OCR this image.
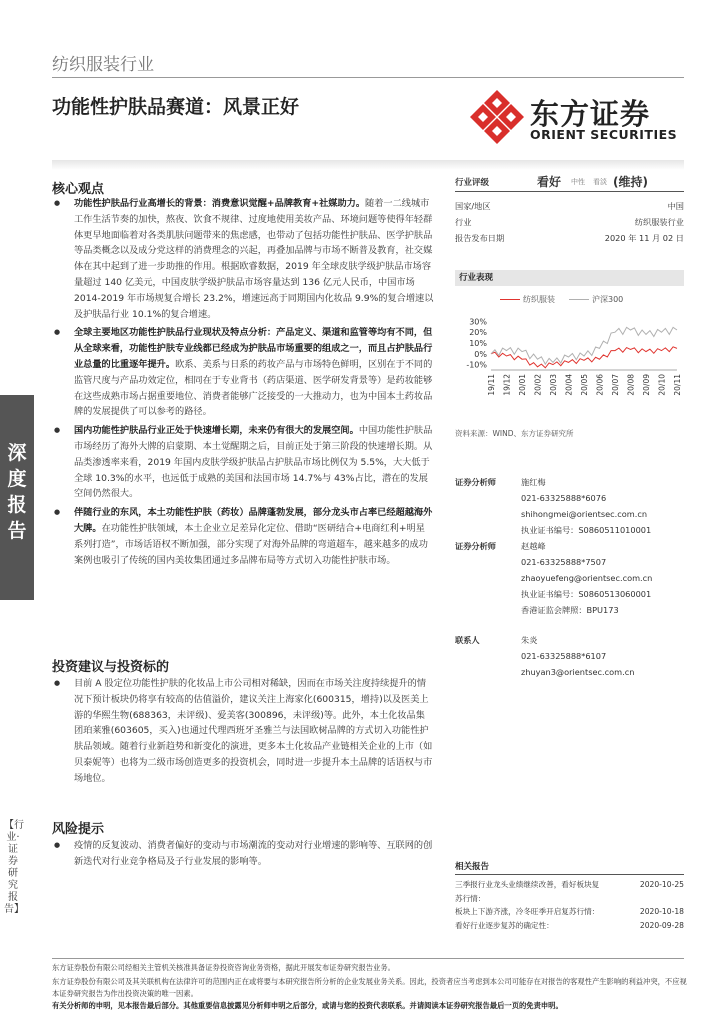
纺织服装行业
功能性护肤品赛道：风景正好	东方证券
ORIENT SECURITIES
深度报告
【行业·证券研究报告】
核心观点
● 功能性护肤品行业高增长的背景：消费意识觉醒+品牌教育+社媒助力。随着一二线城市工作生活节奏的加快，熬夜、饮食不规律、过度地使用美妆产品、环境问题等使得年轻群体更早地面临着对各类肌肤问题带来的焦虑感，也带动了包括功能性护肤品、医学护肤品等品类概念以及成分党这样的消费理念的兴起，再叠加品牌与市场不断普及教育，社交媒体在其中起到了进一步助推的作用。根据欧睿数据，2019 年全球皮肤学级护肤品市场容量超过 140 亿美元，中国皮肤学级护肤品市场容量达到 136 亿元人民币，中国市场 2014-2019 年市场规复合增长 23.2%，增速远高于同期国内化妆品 9.9%的复合增速以及护肤品行业 10.1%的复合增速。
● 全球主要地区功能性护肤品行业现状及特点分析：产品定义、渠道和监管等均有不同，但从全球来看，功能性护肤专业线都已经成为护肤品市场重要的组成之一，而且占护肤品行业总量的比重逐年提升。欧系、美系与日系的药妆产品与市场特色鲜明，区别在于不同的监管尺度与产品功效定位，相同在于专业背书（药店渠道、医学研发背景等）是药妆能够在这些成熟市场占据重要地位、消费者能够广泛接受的一大推动力，也为中国本土药妆品牌的发展提供了可以参考的路径。
● 国内功能性护肤品行业正处于快速增长期，未来仍有很大的发展空间。中国功能性护肤品市场经历了海外大牌的启蒙期、本土觉醒期之后，目前正处于第三阶段的快速增长期。从品类渗透率来看，2019 年国内皮肤学级护肤品占护肤品市场比例仅为 5.5%，大大低于全球 10.3%的水平，也远低于成熟的美国和法国市场 14.7%与 43%占比，潜在的发展空间仍然很大。
● 伴随行业的东风，本土功能性护肤（药妆）品牌蓬勃发展，部分龙头市占率已经超越海外大牌。在功能性护肤领域，本土企业立足差异化定位、借助“医研结合+电商红利+明星系列打造”，市场话语权不断加强，部分实现了对海外品牌的弯道超车，越来越多的成功案例也吸引了传统的国内美妆集团通过多品牌布局等方式切入功能性护肤市场。
投资建议与投资标的
● 目前 A 股定位功能性护肤的化妆品上市公司相对稀缺，因而在市场关注度持续提升的情况下预计板块仍将享有较高的估值溢价，建议关注上海家化(600315，增持)以及医美上游的华熙生物(688363，未评级)、爱美客(300896，未评级)等。此外，本土化妆品集团珀莱雅(603605，买入)也通过代理西班牙圣雅兰与法国欧树品牌的方式切入功能性护肤品领域。随着行业新趋势和新变化的演进，更多本土化妆品产业链相关企业的上市（如贝泰妮等）也将为二级市场创造更多的投资机会，同时进一步提升本土品牌的话语权与市场地位。
风险提示
● 疫情的反复波动、消费者偏好的变动与市场潮流的变动对行业增速的影响等、互联网的创新迭代对行业竞争格局及子行业发展的影响等。
行业评级	看好 中性 看淡 (维持)
国家/地区	中国
行业	纺织服装行业
报告发布日期	2020 年 11 月 02 日
行业表现
纺织服装	沪深300
30%
20%
10%
0%
-10%
19/11 19/12 20/01 20/02 20/03 20/04 20/05 20/06 20/07 20/08 20/09 20/10 20/11
资料来源：WIND、东方证券研究所
证券分析师	施红梅
021-63325888*6076
shihongmei@orientsec.com.cn
执业证书编号：S0860511010001
证券分析师	赵越峰
021-63325888*7507
zhaoyuefeng@orientsec.com.cn
执业证书编号：S0860513060001
香港证监会牌照：BPU173
联系人	朱炎
021-63325888*6107
zhuyan3@orientsec.com.cn
相关报告
三季报行业龙头业绩继续改善，看好板块复	2020-10-25
苏行情：
板块上下游齐涨，冷冬旺季开启复苏行情：	2020-10-18
看好行业逐步复苏的确定性：	2020-09-28
东方证券股份有限公司经相关主管机关核准具备证券投资咨询业务资格，据此开展发布证券研究报告业务。
东方证券股份有限公司及其关联机构在法律许可的范围内正在或将要与本研究报告所分析的企业发展业务关系。因此，投资者应当考虑到本公司可能存在对报告的客观性产生影响的利益冲突，不应视本证券研究报告为作出投资决策的唯一因素。
有关分析师的申明，见本报告最后部分。其他重要信息披露见分析师申明之后部分，或请与您的投资代表联系。并请阅读本证券研究报告最后一页的免责申明。
